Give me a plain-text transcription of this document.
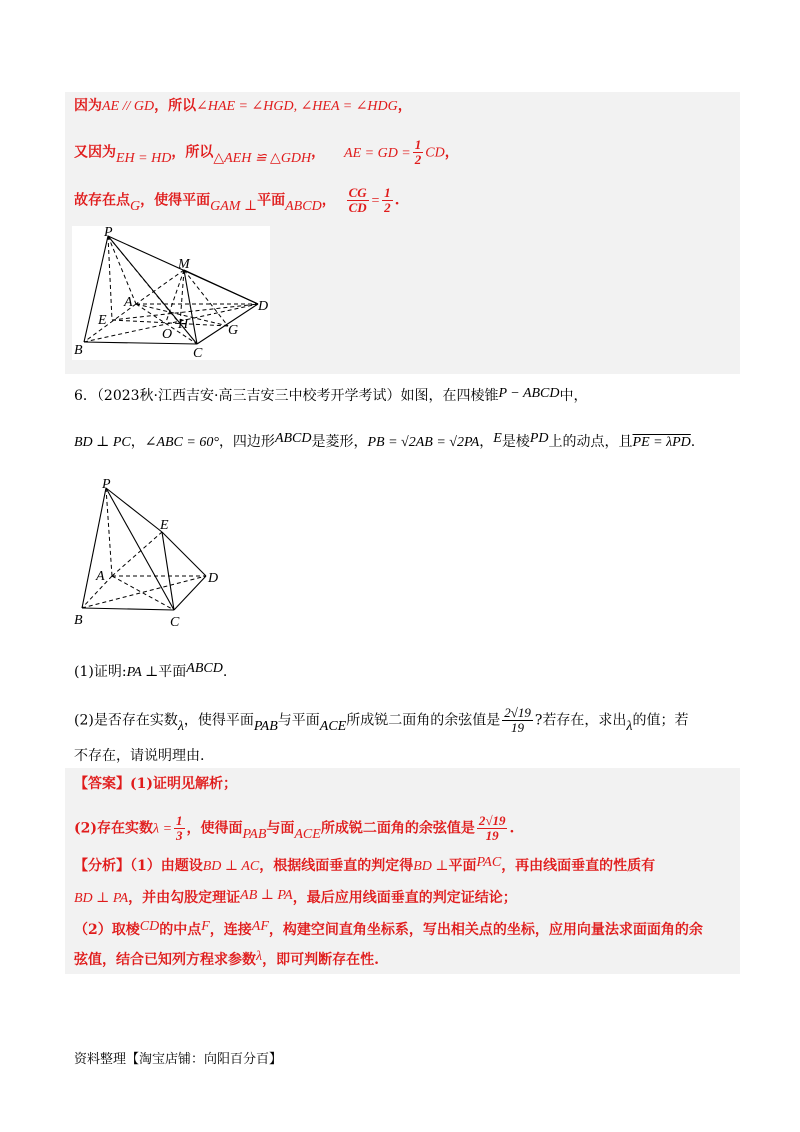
因为AE // GD，所以∠HAE = ∠HGD, ∠HEA = ∠HDG，
又因为EH = HD，所以△AEH ≌ △GDH， AE = GD = $\frac{1}{2}$ CD，
故存在点G，使得平面GAM ⊥平面ABCD， $\frac{CG}{CD} = \frac{1}{2}$ .
P
M
A	D
E
O
H	G
B	C
6．（2023秋·江西吉安·高三吉安三中校考开学考试）如图，在四棱锥P − ABCD中，
BD ⊥ PC，∠ABC = 60°，四边形ABCD是菱形，PB = √2AB = √2PA，E是棱PD上的动点，且PE = λPD.
P
E
A	D
B	C
(1)证明:PA ⊥平面ABCD.
(2)是否存在实数λ，使得平面PAB与平面ACE所成锐二面角的余弦值是 $\frac{2√19}{19}$ ?若存在，求出λ的值；若
不存在，请说明理由.
【答案】(1)证明见解析；
(2)存在实数$\lambda = \frac{1}{3}$ ，使得面PAB与面ACE所成锐二面角的余弦值是 $\frac{2√19}{19}$ .
【分析】（1）由题设BD ⊥ AC，根据线面垂直的判定得BD ⊥平面PAC，再由线面垂直的性质有
BD ⊥ PA，并由勾股定理证AB ⊥ PA，最后应用线面垂直的判定证结论；
（2）取棱CD的中点F，连接AF，构建空间直角坐标系，写出相关点的坐标，应用向量法求面面角的余
弦值，结合已知列方程求参数λ，即可判断存在性.
资料整理【淘宝店铺：向阳百分百】
